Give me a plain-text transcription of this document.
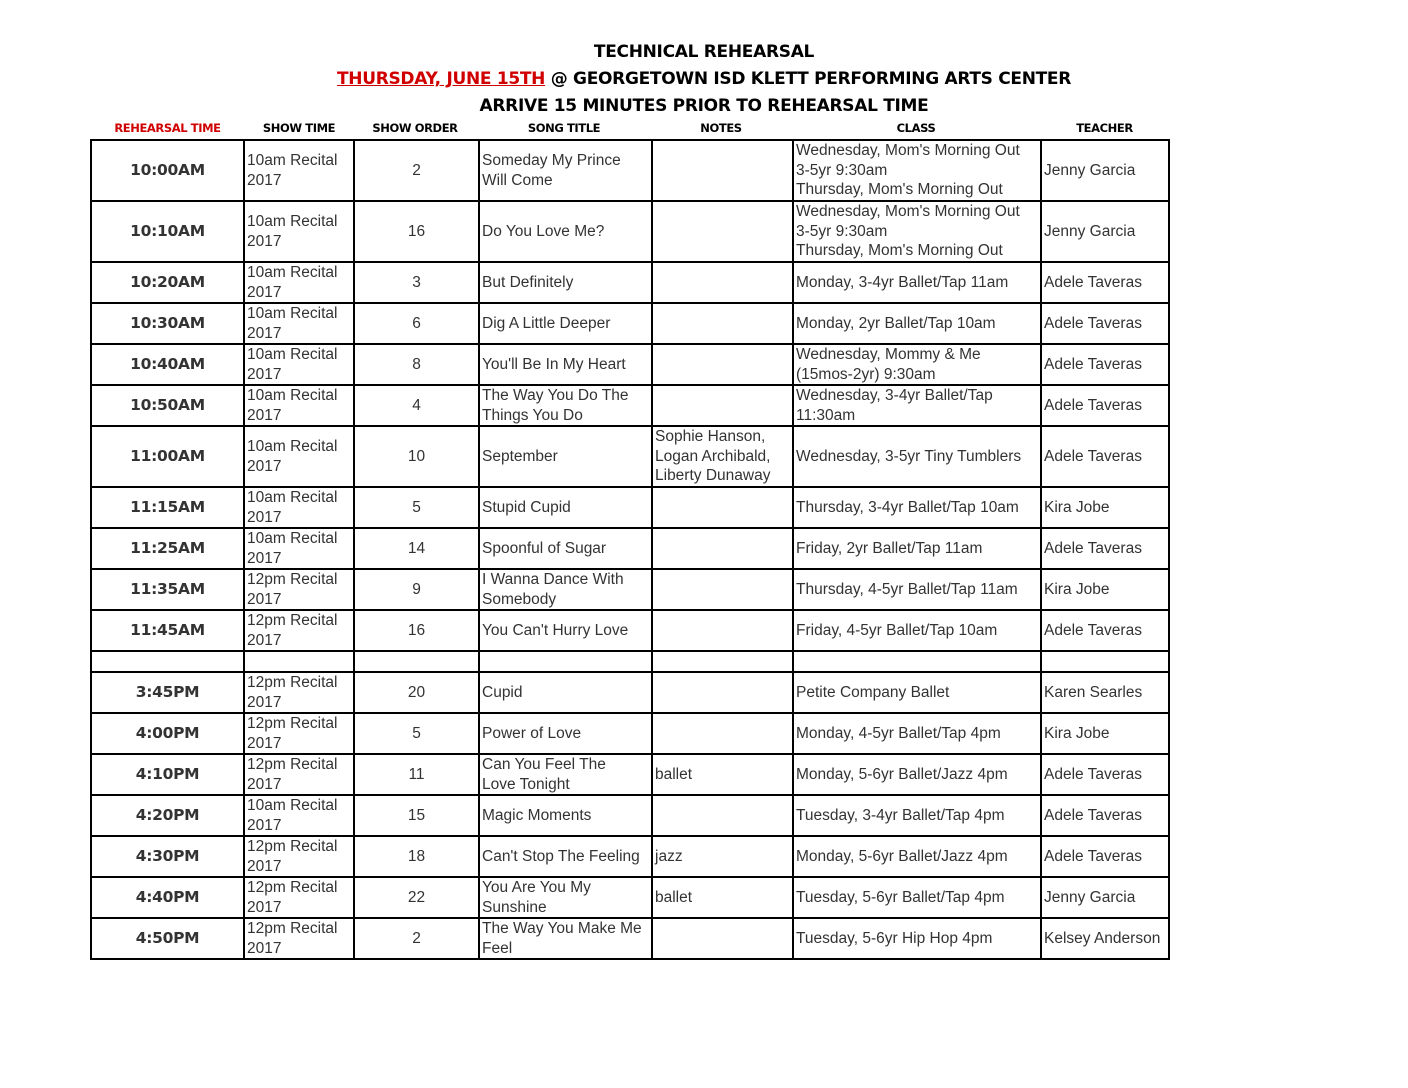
TECHNICAL REHEARSAL
THURSDAY, JUNE 15TH @ GEORGETOWN ISD KLETT PERFORMING ARTS CENTER
ARRIVE 15 MINUTES PRIOR TO REHEARSAL TIME
REHEARSAL TIME	SHOW TIME	SHOW ORDER	SONG TITLE	NOTES	CLASS	TEACHER
10:00AM	10am Recital
2017	2	Someday My Prince
Will Come		Wednesday, Mom's Morning Out
3-5yr 9:30am
Thursday, Mom's Morning Out	Jenny Garcia

10:10AM	10am Recital
2017	16	Do You Love Me?		Wednesday, Mom's Morning Out
3-5yr 9:30am
Thursday, Mom's Morning Out	Jenny Garcia

10:20AM	10am Recital
2017	3	But Definitely		Monday, 3-4yr Ballet/Tap 11am	Adele Taveras

10:30AM	10am Recital
2017	6	Dig A Little Deeper		Monday, 2yr Ballet/Tap 10am	Adele Taveras

10:40AM	10am Recital
2017	8	You'll Be In My Heart		Wednesday, Mommy & Me
(15mos-2yr) 9:30am	Adele Taveras

10:50AM	10am Recital
2017	4	The Way You Do The
Things You Do		Wednesday, 3-4yr Ballet/Tap
11:30am	Adele Taveras

11:00AM	10am Recital
2017	10	September	Sophie Hanson,
Logan Archibald,
Liberty Dunaway	Wednesday, 3-5yr Tiny Tumblers	Adele Taveras

11:15AM	10am Recital
2017	5	Stupid Cupid		Thursday, 3-4yr Ballet/Tap 10am	Kira Jobe

11:25AM	10am Recital
2017	14	Spoonful of Sugar		Friday, 2yr Ballet/Tap 11am	Adele Taveras

11:35AM	12pm Recital
2017	9	I Wanna Dance With
Somebody		Thursday, 4-5yr Ballet/Tap 11am	Kira Jobe

11:45AM	12pm Recital
2017	16	You Can't Hurry Love		Friday, 4-5yr Ballet/Tap 10am	Adele Taveras

3:45PM	12pm Recital
2017	20	Cupid		Petite Company Ballet	Karen Searles

4:00PM	12pm Recital
2017	5	Power of Love		Monday, 4-5yr Ballet/Tap 4pm	Kira Jobe

4:10PM	12pm Recital
2017	11	Can You Feel The
Love Tonight	ballet	Monday, 5-6yr Ballet/Jazz 4pm	Adele Taveras

4:20PM	10am Recital
2017	15	Magic Moments		Tuesday, 3-4yr Ballet/Tap 4pm	Adele Taveras

4:30PM	12pm Recital
2017	18	Can't Stop The Feeling	jazz	Monday, 5-6yr Ballet/Jazz 4pm	Adele Taveras

4:40PM	12pm Recital
2017	22	You Are You My
Sunshine	ballet	Tuesday, 5-6yr Ballet/Tap 4pm	Jenny Garcia

4:50PM	12pm Recital
2017	2	The Way You Make Me
Feel		Tuesday, 5-6yr Hip Hop 4pm	Kelsey Anderson
